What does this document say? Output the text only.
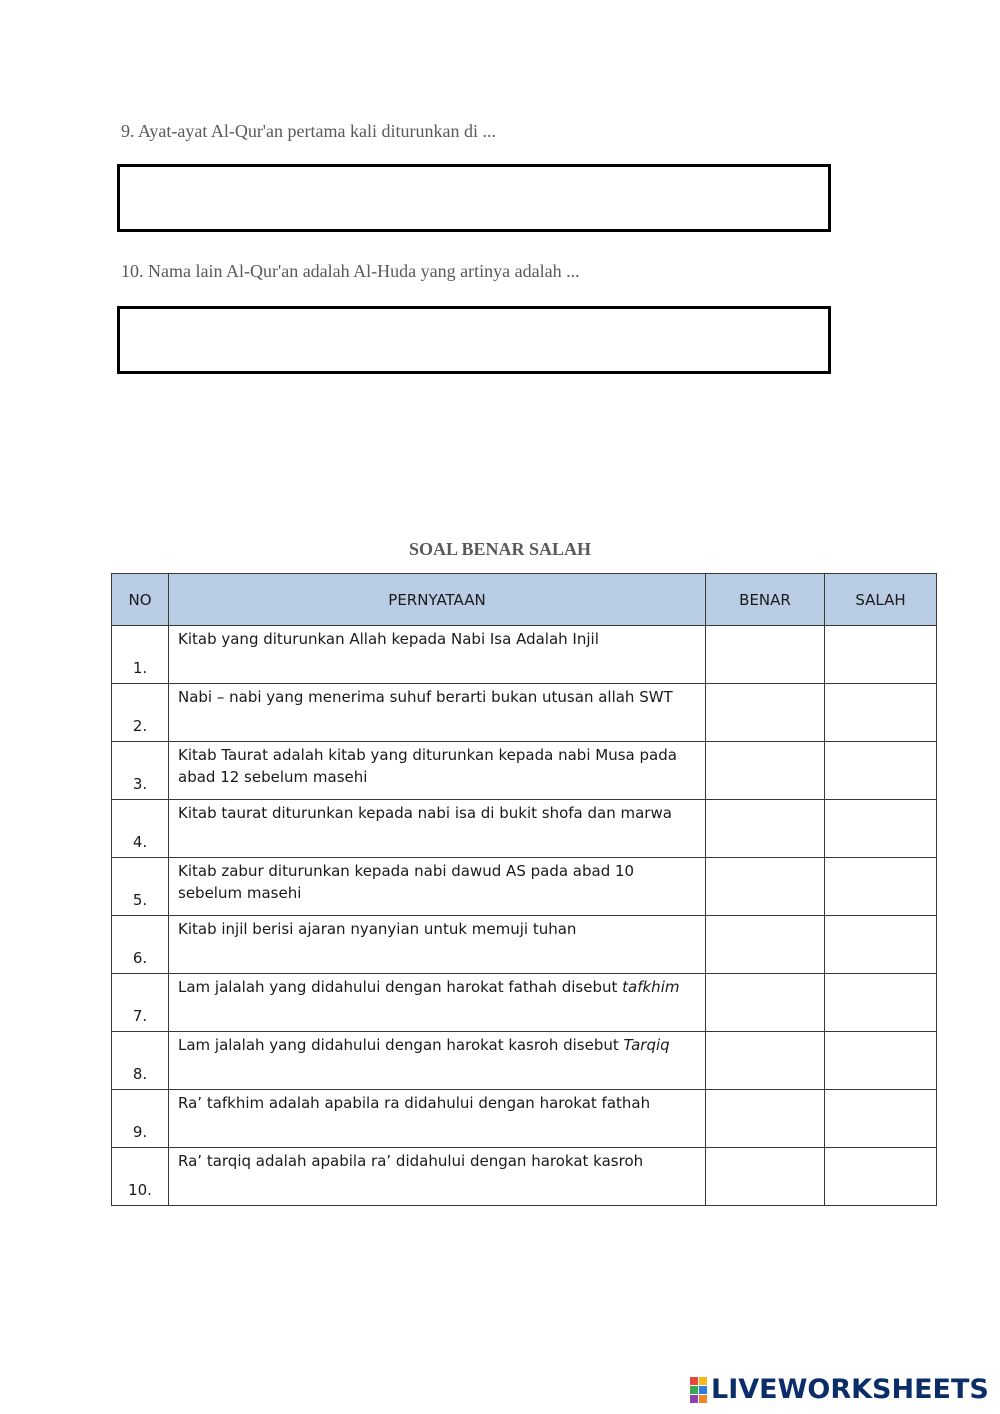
9. Ayat-ayat Al-Qur'an pertama kali diturunkan di ...
10. Nama lain Al-Qur'an adalah Al-Huda yang artinya adalah ...
SOAL BENAR SALAH
NO	PERNYATAAN	BENAR	SALAH
1.	Kitab yang diturunkan Allah kepada Nabi Isa Adalah Injil		
2.	Nabi – nabi yang menerima suhuf berarti bukan utusan allah SWT		
3.	Kitab Taurat adalah kitab yang diturunkan kepada nabi Musa pada abad 12 sebelum masehi		
4.	Kitab taurat diturunkan kepada nabi isa di bukit shofa dan marwa		
5.	Kitab zabur diturunkan kepada nabi dawud AS pada abad 10 sebelum masehi		
6.	Kitab injil berisi ajaran nyanyian untuk memuji tuhan		
7.	Lam jalalah yang didahului dengan harokat fathah disebut tafkhim		
8.	Lam jalalah yang didahului dengan harokat kasroh disebut Tarqiq		
9.	Ra’ tafkhim adalah apabila ra didahului dengan harokat fathah		
10.	Ra’ tarqiq adalah apabila ra’ didahului dengan harokat kasroh		
LIVEWORKSHEETS
